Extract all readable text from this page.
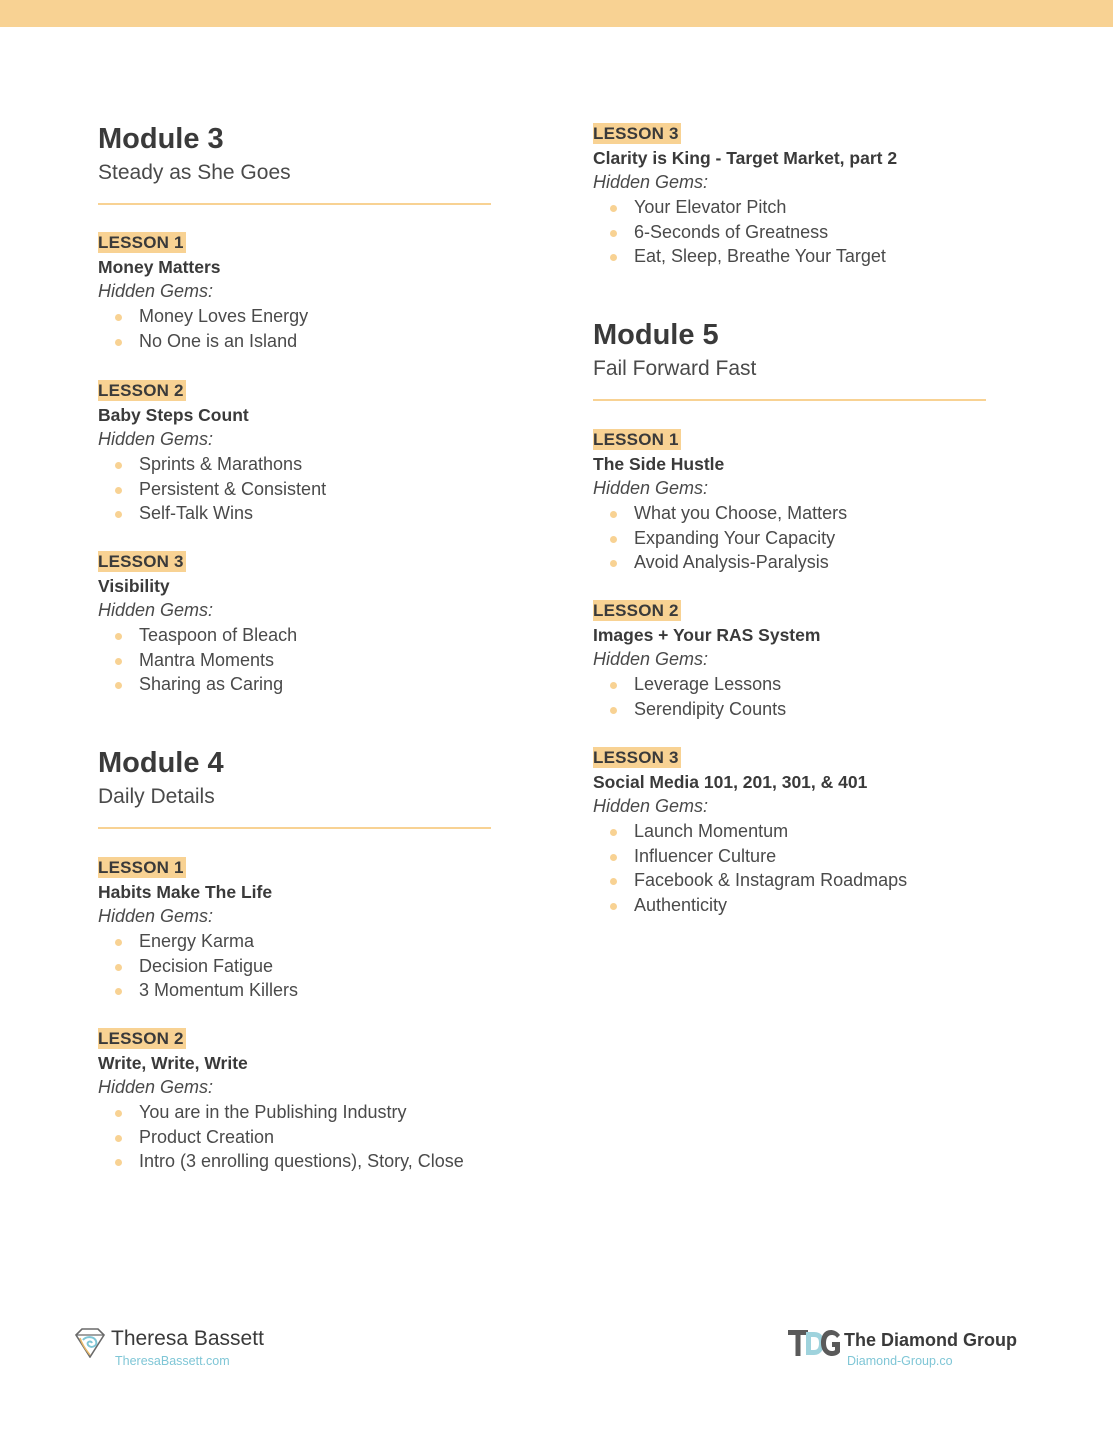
Module 3
Steady as She Goes
LESSON 1
Money Matters
Hidden Gems:
Money Loves Energy
No One is an Island
LESSON 2
Baby Steps Count
Hidden Gems:
Sprints & Marathons
Persistent & Consistent
Self-Talk Wins
LESSON 3
Visibility
Hidden Gems:
Teaspoon of Bleach
Mantra Moments
Sharing as Caring
Module 4
Daily Details
LESSON 1
Habits Make The Life
Hidden Gems:
Energy Karma
Decision Fatigue
3 Momentum Killers
LESSON 2
Write, Write, Write
Hidden Gems:
You are in the Publishing Industry
Product Creation
Intro (3 enrolling questions), Story, Close
LESSON 3
Clarity is King - Target Market, part 2
Hidden Gems:
Your Elevator Pitch
6-Seconds of Greatness
Eat, Sleep, Breathe Your Target
Module 5
Fail Forward Fast
LESSON 1
The Side Hustle
Hidden Gems:
What you Choose, Matters
Expanding Your Capacity
Avoid Analysis-Paralysis
LESSON 2
Images + Your RAS System
Hidden Gems:
Leverage Lessons
Serendipity Counts
LESSON 3
Social Media 101, 201, 301, & 401
Hidden Gems:
Launch Momentum
Influencer Culture
Facebook & Instagram Roadmaps
Authenticity
Theresa Bassett
TheresaBassett.com
The Diamond Group
Diamond-Group.co
